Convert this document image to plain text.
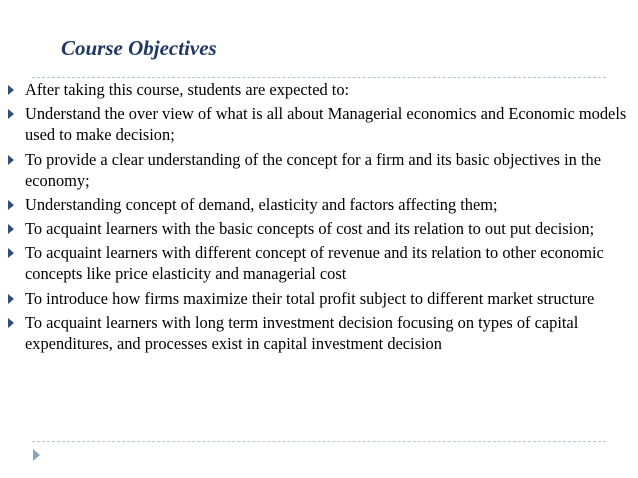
Course Objectives
After taking this course, students are expected to:
Understand the over view of what is all about Managerial economics and Economic models used to make decision;
To provide a clear understanding of the concept for a firm and its basic objectives in the economy;
Understanding concept of demand, elasticity and factors affecting them;
To acquaint learners with the basic concepts of cost and its relation to out put decision;
To acquaint learners with different concept of revenue and its relation to other economic concepts like price elasticity and managerial cost
To introduce how firms maximize their total profit subject to different market structure
To acquaint learners with long term investment decision focusing on types of capital expenditures, and processes exist in capital investment decision
